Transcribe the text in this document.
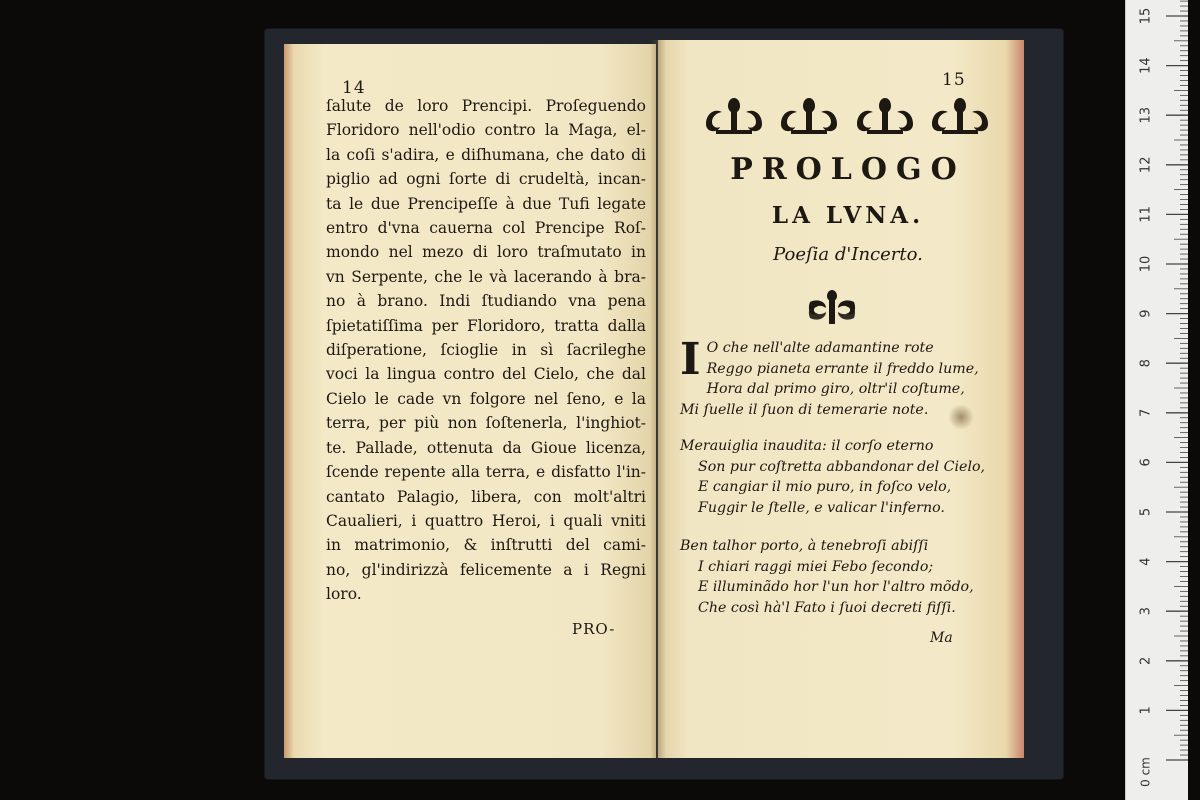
14
ſalute de loro Prencipi. Proſeguendo
Floridoro nell'odio contro la Maga, el-
la coſi s'adira, e diſhumana, che dato di
piglio ad ogni ſorte di crudeltà, incan-
ta le due Prencipeſſe à due Tufi legate
entro d'vna cauerna col Prencipe Roſ-
mondo nel mezo di loro traſmutato in
vn Serpente, che le và lacerando à bra-
no à brano. Indi ſtudiando vna pena
ſpietatiſſima per Floridoro, tratta dalla
diſperatione, ſcioglie in sì ſacrileghe
voci la lingua contro del Cielo, che dal
Cielo le cade vn folgore nel ſeno, e la
terra, per più non ſoſtenerla, l'inghiot-
te. Pallade, ottenuta da Gioue licenza,
ſcende repente alla terra, e disfatto l'in-
cantato Palagio, libera, con molt'altri
Caualieri, i quattro Heroi, i quali vniti
in matrimonio, & inſtrutti del cami-
no, gl'indirizzà felicemente a i Regni
loro.
PRO-
15
PROLOGO
LA LVNA.
Poeſia d'Incerto.
I O che nell'alte adamantine rote
Reggo pianeta errante il freddo lume,
Hora dal primo giro, oltr'il coſtume,
Mi ſuelle il ſuon di temerarie note.
Merauiglia inaudita: il corſo eterno
Son pur coſtretta abbandonar del Cielo,
E cangiar il mio puro, in foſco velo,
Fuggir le ſtelle, e valicar l'inferno.
Ben talhor porto, à tenebroſi abiſſi
I chiari raggi miei Febo ſecondo;
E illuminãdo hor l'un hor l'altro mõdo,
Che così hà'l Fato i ſuoi decreti fiſſi.
Ma
1
2
3
4
5
6
7
8
9
10
11
12
13
14
15
0 cm
